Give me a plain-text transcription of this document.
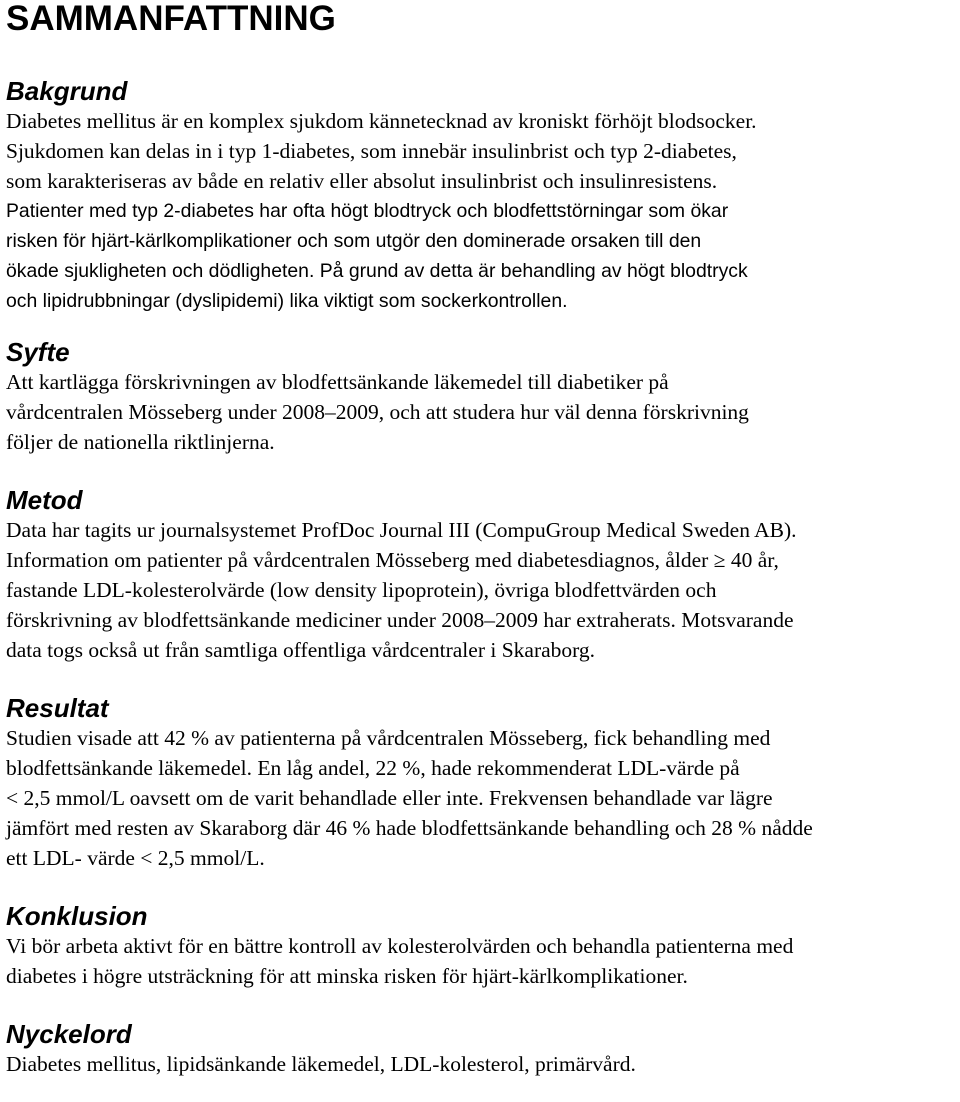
SAMMANFATTNING
Bakgrund
Diabetes mellitus är en komplex sjukdom kännetecknad av kroniskt förhöjt blodsocker.
Sjukdomen kan delas in i typ 1-diabetes, som innebär insulinbrist och typ 2-diabetes,
som karakteriseras av både en relativ eller absolut insulinbrist och insulinresistens.
Patienter med typ 2-diabetes har ofta högt blodtryck och blodfettstörningar som ökar
risken för hjärt-kärlkomplikationer och som utgör den dominerade orsaken till den
ökade sjukligheten och dödligheten. På grund av detta är behandling av högt blodtryck
och lipidrubbningar (dyslipidemi) lika viktigt som sockerkontrollen.
Syfte
Att kartlägga förskrivningen av blodfettsänkande läkemedel till diabetiker på
vårdcentralen Mösseberg under 2008–2009, och att studera hur väl denna förskrivning
följer de nationella riktlinjerna.
Metod
Data har tagits ur journalsystemet ProfDoc Journal III (CompuGroup Medical Sweden AB).
Information om patienter på vårdcentralen Mösseberg med diabetesdiagnos, ålder ≥ 40 år,
fastande LDL-kolesterolvärde (low density lipoprotein), övriga blodfettvärden och
förskrivning av blodfettsänkande mediciner under 2008–2009 har extraherats. Motsvarande
data togs också ut från samtliga offentliga vårdcentraler i Skaraborg.
Resultat
Studien visade att 42 % av patienterna på vårdcentralen Mösseberg, fick behandling med
blodfettsänkande läkemedel. En låg andel, 22 %, hade rekommenderat LDL-värde på
< 2,5 mmol/L oavsett om de varit behandlade eller inte. Frekvensen behandlade var lägre
jämfört med resten av Skaraborg där 46 % hade blodfettsänkande behandling och 28 % nådde
ett LDL- värde < 2,5 mmol/L.
Konklusion
Vi bör arbeta aktivt för en bättre kontroll av kolesterolvärden och behandla patienterna med
diabetes i högre utsträckning för att minska risken för hjärt-kärlkomplikationer.
Nyckelord
Diabetes mellitus, lipidsänkande läkemedel, LDL-kolesterol, primärvård.
